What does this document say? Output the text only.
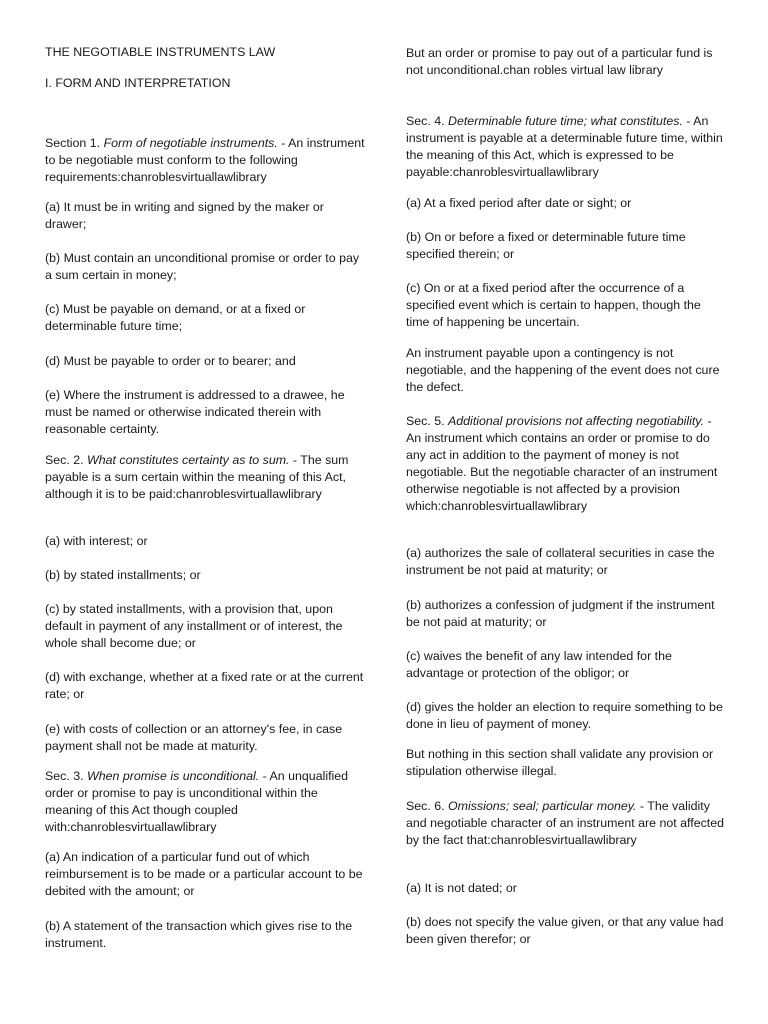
THE NEGOTIABLE INSTRUMENTS LAW

I. FORM AND INTERPRETATION

Section 1. Form of negotiable instruments. - An instrument to be negotiable must conform to the following requirements:chanroblesvirtuallawlibrary

(a) It must be in writing and signed by the maker or drawer;

(b) Must contain an unconditional promise or order to pay a sum certain in money;

(c) Must be payable on demand, or at a fixed or determinable future time;

(d) Must be payable to order or to bearer; and

(e) Where the instrument is addressed to a drawee, he must be named or otherwise indicated therein with reasonable certainty.

Sec. 2. What constitutes certainty as to sum. - The sum payable is a sum certain within the meaning of this Act, although it is to be paid:chanroblesvirtuallawlibrary

(a) with interest; or

(b) by stated installments; or

(c) by stated installments, with a provision that, upon default in payment of any installment or of interest, the whole shall become due; or

(d) with exchange, whether at a fixed rate or at the current rate; or

(e) with costs of collection or an attorney's fee, in case payment shall not be made at maturity.

Sec. 3. When promise is unconditional. - An unqualified order or promise to pay is unconditional within the meaning of this Act though coupled with:chanroblesvirtuallawlibrary

(a) An indication of a particular fund out of which reimbursement is to be made or a particular account to be debited with the amount; or

(b) A statement of the transaction which gives rise to the instrument.

But an order or promise to pay out of a particular fund is not unconditional.chan robles virtual law library

Sec. 4. Determinable future time; what constitutes. - An instrument is payable at a determinable future time, within the meaning of this Act, which is expressed to be payable:chanroblesvirtuallawlibrary

(a) At a fixed period after date or sight; or

(b) On or before a fixed or determinable future time specified therein; or

(c) On or at a fixed period after the occurrence of a specified event which is certain to happen, though the time of happening be uncertain.

An instrument payable upon a contingency is not negotiable, and the happening of the event does not cure the defect.

Sec. 5. Additional provisions not affecting negotiability. - An instrument which contains an order or promise to do any act in addition to the payment of money is not negotiable. But the negotiable character of an instrument otherwise negotiable is not affected by a provision which:chanroblesvirtuallawlibrary

(a) authorizes the sale of collateral securities in case the instrument be not paid at maturity; or

(b) authorizes a confession of judgment if the instrument be not paid at maturity; or

(c) waives the benefit of any law intended for the advantage or protection of the obligor; or

(d) gives the holder an election to require something to be done in lieu of payment of money.

But nothing in this section shall validate any provision or stipulation otherwise illegal.

Sec. 6. Omissions; seal; particular money. - The validity and negotiable character of an instrument are not affected by the fact that:chanroblesvirtuallawlibrary

(a) It is not dated; or

(b) does not specify the value given, or that any value had been given therefor; or
